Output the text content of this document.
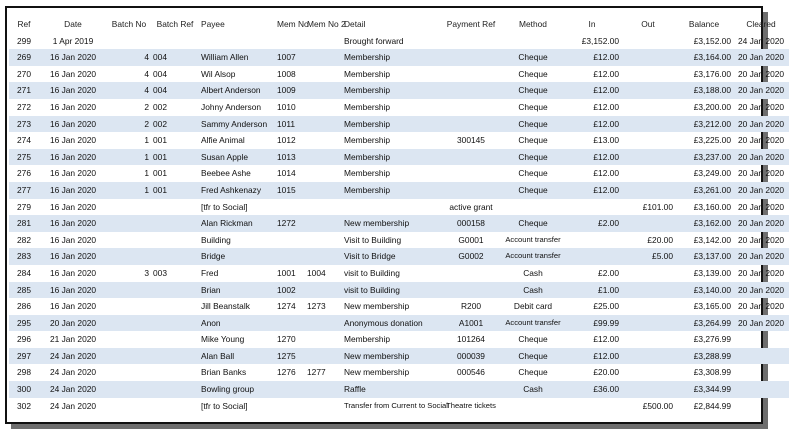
Ref	Date	Batch No	Batch Ref	Payee	Mem No	Mem No 2	Detail	Payment Ref	Method	In	Out	Balance	Cleared
299	1 Apr 2019						Brought forward			£3,152.00		£3,152.00	24 Jan 2020
269	16 Jan 2020	4	004	William Allen	1007		Membership		Cheque	£12.00		£3,164.00	20 Jan 2020
270	16 Jan 2020	4	004	Wil Alsop	1008		Membership		Cheque	£12.00		£3,176.00	20 Jan 2020
271	16 Jan 2020	4	004	Albert Anderson	1009		Membership		Cheque	£12.00		£3,188.00	20 Jan 2020
272	16 Jan 2020	2	002	Johny Anderson	1010		Membership		Cheque	£12.00		£3,200.00	20 Jan 2020
273	16 Jan 2020	2	002	Sammy Anderson	1011		Membership		Cheque	£12.00		£3,212.00	20 Jan 2020
274	16 Jan 2020	1	001	Alfie Animal	1012		Membership	300145	Cheque	£13.00		£3,225.00	20 Jan 2020
275	16 Jan 2020	1	001	Susan Apple	1013		Membership		Cheque	£12.00		£3,237.00	20 Jan 2020
276	16 Jan 2020	1	001	Beebee Ashe	1014		Membership		Cheque	£12.00		£3,249.00	20 Jan 2020
277	16 Jan 2020	1	001	Fred Ashkenazy	1015		Membership		Cheque	£12.00		£3,261.00	20 Jan 2020
279	16 Jan 2020			[tfr to Social]				active grant			£101.00	£3,160.00	20 Jan 2020
281	16 Jan 2020			Alan Rickman	1272		New membership	000158	Cheque	£2.00		£3,162.00	20 Jan 2020
282	16 Jan 2020			Building			Visit to Building	G0001	Account transfer		£20.00	£3,142.00	20 Jan 2020
283	16 Jan 2020			Bridge			Visit to Bridge	G0002	Account transfer		£5.00	£3,137.00	20 Jan 2020
284	16 Jan 2020	3	003	Fred	1001	1004	visit to Building		Cash	£2.00		£3,139.00	20 Jan 2020
285	16 Jan 2020			Brian	1002		visit to Building		Cash	£1.00		£3,140.00	20 Jan 2020
286	16 Jan 2020			Jill Beanstalk	1274	1273	New membership	R200	Debit card	£25.00		£3,165.00	20 Jan 2020
295	20 Jan 2020			Anon			Anonymous donation	A1001	Account transfer	£99.99		£3,264.99	20 Jan 2020
296	21 Jan 2020			Mike Young	1270		Membership	101264	Cheque	£12.00		£3,276.99	
297	24 Jan 2020			Alan Ball	1275		New membership	000039	Cheque	£12.00		£3,288.99	
298	24 Jan 2020			Brian Banks	1276	1277	New membership	000546	Cheque	£20.00		£3,308.99	
300	24 Jan 2020			Bowling group			Raffle		Cash	£36.00		£3,344.99	
302	24 Jan 2020			[tfr to Social]			Transfer from Current to Social	Theatre tickets			£500.00	£2,844.99	
